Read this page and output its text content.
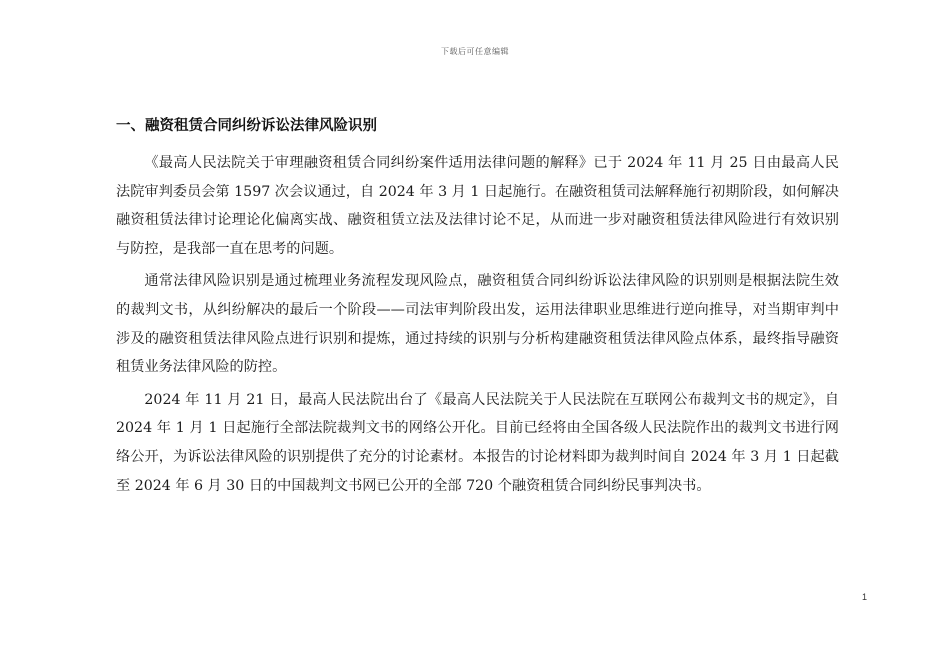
下载后可任意编辑
一、融资租赁合同纠纷诉讼法律风险识别

《最高人民法院关于审理融资租赁合同纠纷案件适用法律问题的解释》已于 2024 年 11 月 25 日由最高人民法院审判委员会第 1597 次会议通过，自 2024 年 3 月 1 日起施行。在融资租赁司法解释施行初期阶段，如何解决融资租赁法律讨论理论化偏离实战、融资租赁立法及法律讨论不足，从而进一步对融资租赁法律风险进行有效识别与防控，是我部一直在思考的问题。

通常法律风险识别是通过梳理业务流程发现风险点，融资租赁合同纠纷诉讼法律风险的识别则是根据法院生效的裁判文书，从纠纷解决的最后一个阶段——司法审判阶段出发，运用法律职业思维进行逆向推导，对当期审判中涉及的融资租赁法律风险点进行识别和提炼，通过持续的识别与分析构建融资租赁法律风险点体系，最终指导融资租赁业务法律风险的防控。

2024 年 11 月 21 日，最高人民法院出台了《最高人民法院关于人民法院在互联网公布裁判文书的规定》，自 2024 年 1 月 1 日起施行全部法院裁判文书的网络公开化。目前已经将由全国各级人民法院作出的裁判文书进行网络公开，为诉讼法律风险的识别提供了充分的讨论素材。本报告的讨论材料即为裁判时间自 2024 年 3 月 1 日起截至 2024 年 6 月 30 日的中国裁判文书网已公开的全部 720 个融资租赁合同纠纷民事判决书。

1
